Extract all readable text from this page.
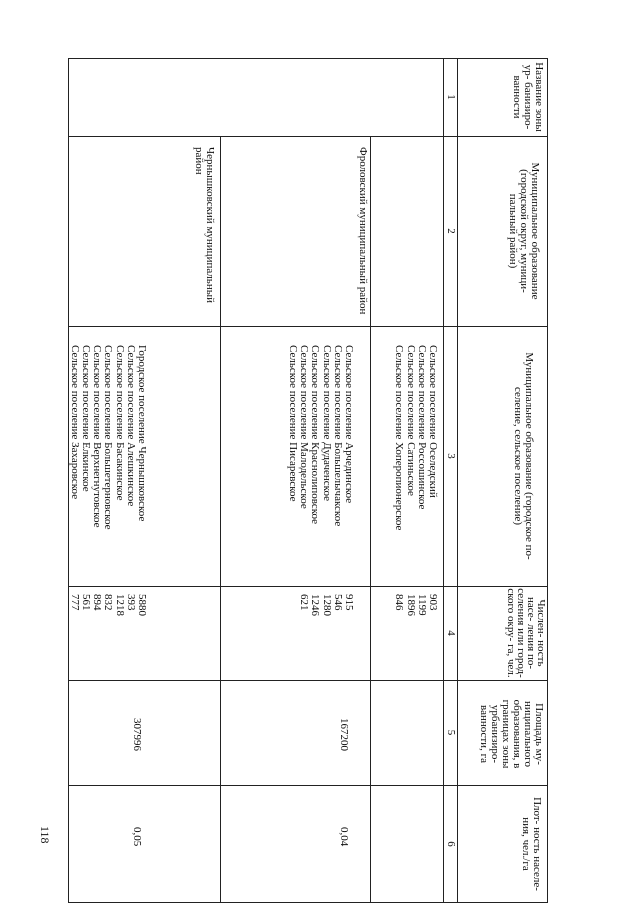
Название зоны ур- банизиро- ванности
Муниципальное образование (городской округ, муници- пальный район)
Муниципальное образование (городское по- селение, сельское поселение)
Числен- ность насе- ления по- селения или город- ского окру- га, чел.
Площадь му- ниципального образования, в границах зоны урбанизиро- ванности, га
Плот- ность населе- ния, чел./га
1
2
3
4
5
6
Сельское поселение Оселедский
Сельское поселение Россошинское
Сельское поселение Сатиньское
Сельское поселение Хоперопионерское
903
1199
1896
846
Фроловский муниципальный район
Сельское поселение Арчединское
Сельское поселение Большелычакское
Сельское поселение Дудаченское
Сельское поселение Краснолиповское
Сельское поселение Малодельское
Сельское поселение Писаревское
915
546
1280
1246
621
167200
0,04
Чернышковский муниципальный район
Городское поселение Чернышковское
Сельское поселение Алешкинское
Сельское поселение Басакинское
Сельское поселение Большетерновское
Сельское поселение Верхнегнутовское
Сельское поселение Елкинское
Сельское поселение Захаровское
5880
393
1218
832
894
561
777
307996
0,05
118
